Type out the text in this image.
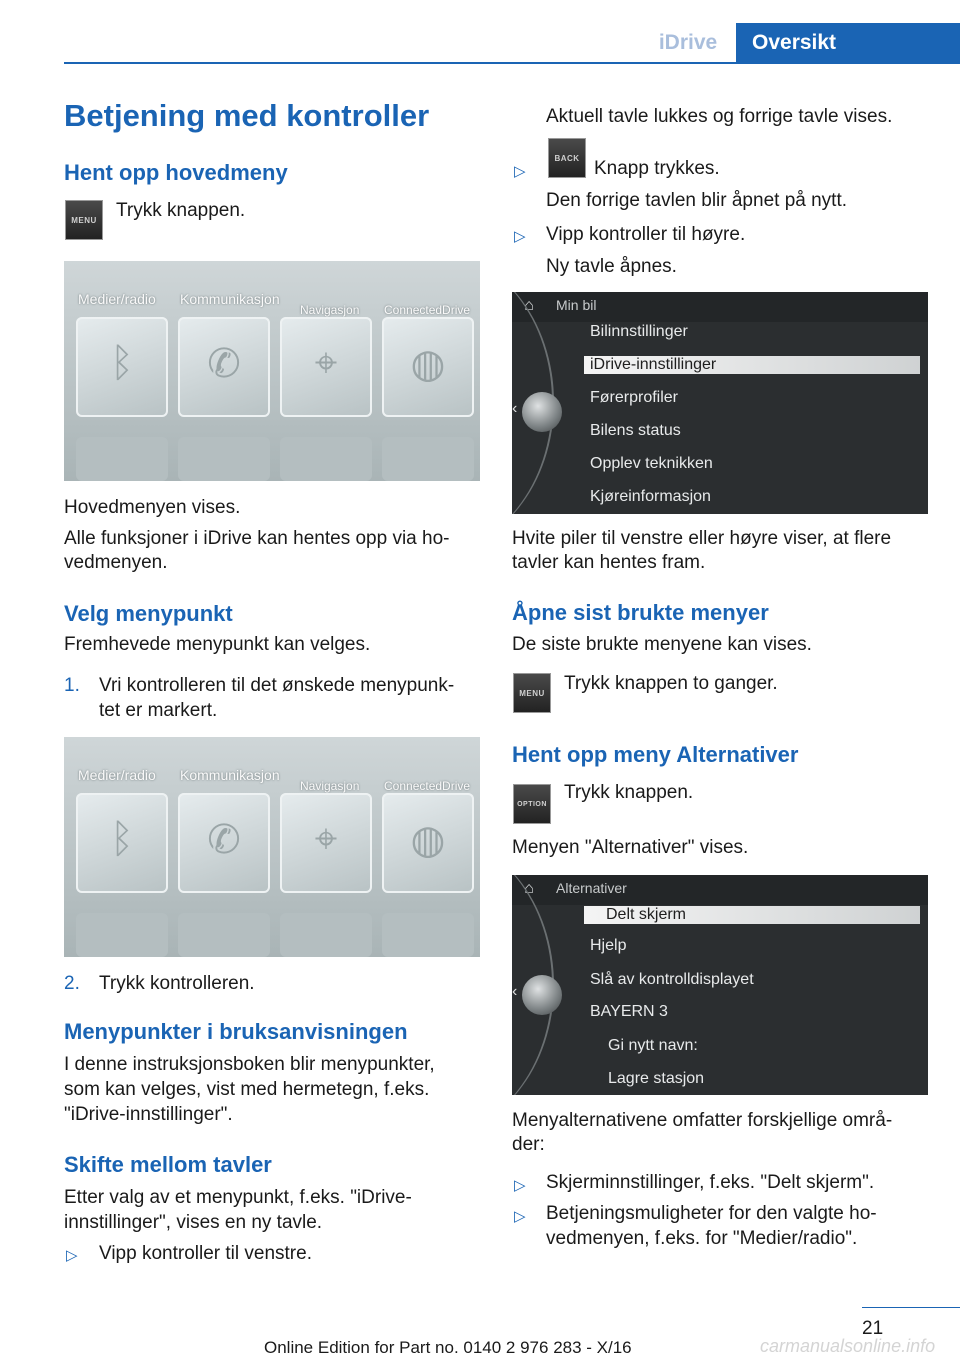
iDrive	Oversikt
Betjening med kontroller
Hent opp hovedmeny
MENU	Trykk knappen.
Medier/radio Kommunikasjon
Navigasjon ConnectedDrive
ᛒ	✆	⌖	◍
Hovedmenyen vises.
Alle funksjoner i iDrive kan hentes opp via ho‐
vedmenyen.
Velg menypunkt
Fremhevede menypunkt kan velges.
1. Vri kontrolleren til det ønskede menypunk‐
tet er markert.
Medier/radio Kommunikasjon
Navigasjon ConnectedDrive
ᛒ	✆	⌖	◍
2. Trykk kontrolleren.
Menypunkter i bruksanvisningen
I denne instruksjonsboken blir menypunkter,
som kan velges, vist med hermetegn, f.eks.
"iDrive-innstillinger".
Skifte mellom tavler
Etter valg av et menypunkt, f.eks. "iDrive-
innstillinger", vises en ny tavle.
▷ Vipp kontroller til venstre.
Aktuell tavle lukkes og forrige tavle vises.
▷
BACK Knapp trykkes.
Den forrige tavlen blir åpnet på nytt.
▷ Vipp kontroller til høyre.
Ny tavle åpnes.
⌂	Min bil
Bilinnstillinger
iDrive-innstillinger
Førerprofiler
Bilens status
Opplev teknikken
Kjøreinformasjon
‹
Hvite piler til venstre eller høyre viser, at flere
tavler kan hentes fram.
Åpne sist brukte menyer
De siste brukte menyene kan vises.
MENU	Trykk knappen to ganger.
Hent opp meny Alternativer
OPTION
Trykk knappen.
Menyen "Alternativer" vises.
⌂	Alternativer
Delt skjerm
Hjelp
Slå av kontrolldisplayet
BAYERN 3
Gi nytt navn:
Lagre stasjon
‹
Menyalternativene omfatter forskjellige områ‐
der:
▷ Skjerminnstillinger, f.eks. "Delt skjerm".
▷ Betjeningsmuligheter for den valgte ho‐
vedmenyen, f.eks. for "Medier/radio".
21
Online Edition for Part no. 0140 2 976 283 - X/16	carmanualsonline.info
